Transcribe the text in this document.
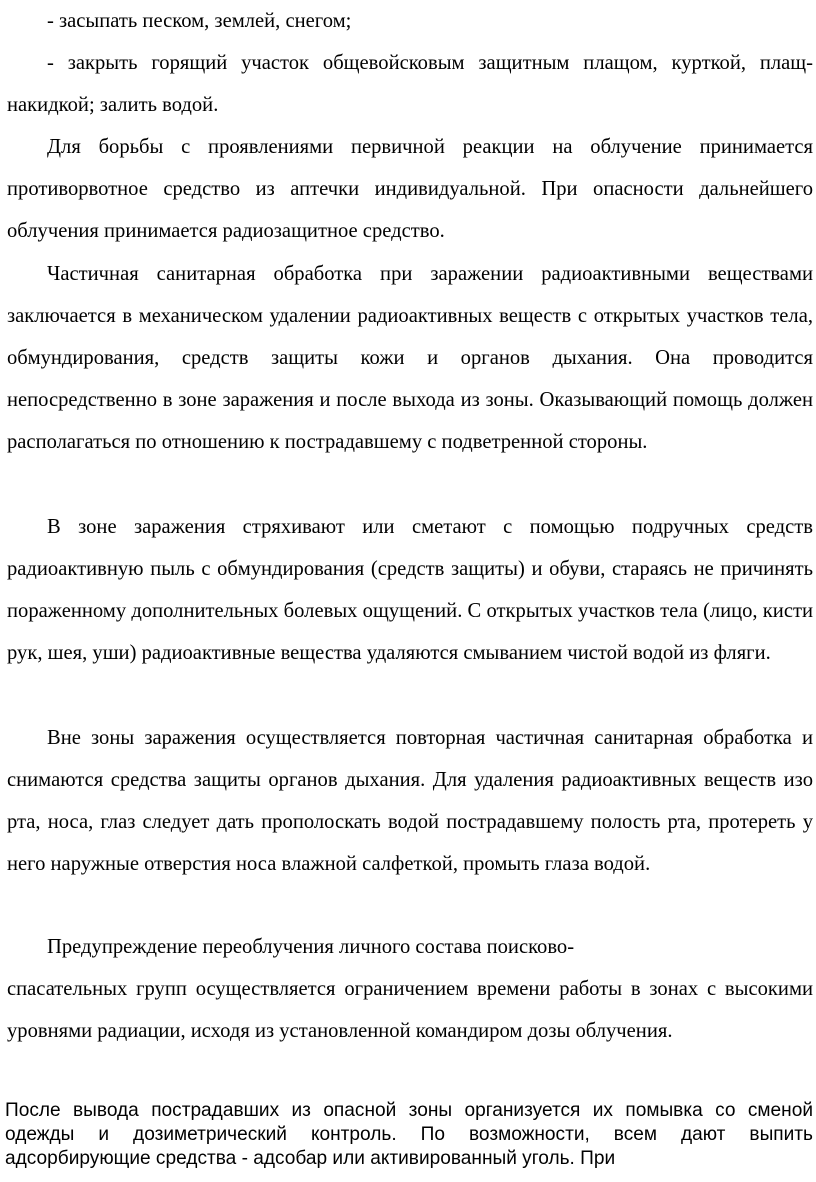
- засыпать песком, землей, снегом;

- закрыть горящий участок общевойсковым защитным плащом, курткой, плащ-накидкой; залить водой.

Для борьбы с проявлениями первичной реакции на облучение принимается противорвотное средство из аптечки индивидуальной. При опасности дальнейшего облучения принимается радиозащитное средство.

Частичная санитарная обработка при заражении радиоактивными веществами заключается в механическом удалении радиоактивных веществ с открытых участков тела, обмундирования, средств защиты кожи и органов дыхания. Она проводится непосредственно в зоне заражения и после выхода из зоны. Оказывающий помощь должен располагаться по отношению к пострадавшему с подветренной стороны.

В зоне заражения стряхивают или сметают с помощью подручных средств радиоактивную пыль с обмундирования (средств защиты) и обуви, стараясь не причинять пораженному дополнительных болевых ощущений. С открытых участков тела (лицо, кисти рук, шея, уши) радиоактивные вещества удаляются смыванием чистой водой из фляги.

Вне зоны заражения осуществляется повторная частичная санитарная обработка и снимаются средства защиты органов дыхания. Для удаления радиоактивных веществ изо рта, носа, глаз следует дать прополоскать водой пострадавшему полость рта, протереть у него наружные отверстия носа влажной салфеткой, промыть глаза водой.

Предупреждение переоблучения личного состава поисково-

спасательных групп осуществляется ограничением времени работы в зонах с высокими уровнями радиации, исходя из установленной командиром дозы облучения.

После вывода пострадавших из опасной зоны организуется их помывка со сменой одежды и дозиметрический контроль. По возможности, всем дают выпить адсорбирующие средства - адсобар или активированный уголь. При
